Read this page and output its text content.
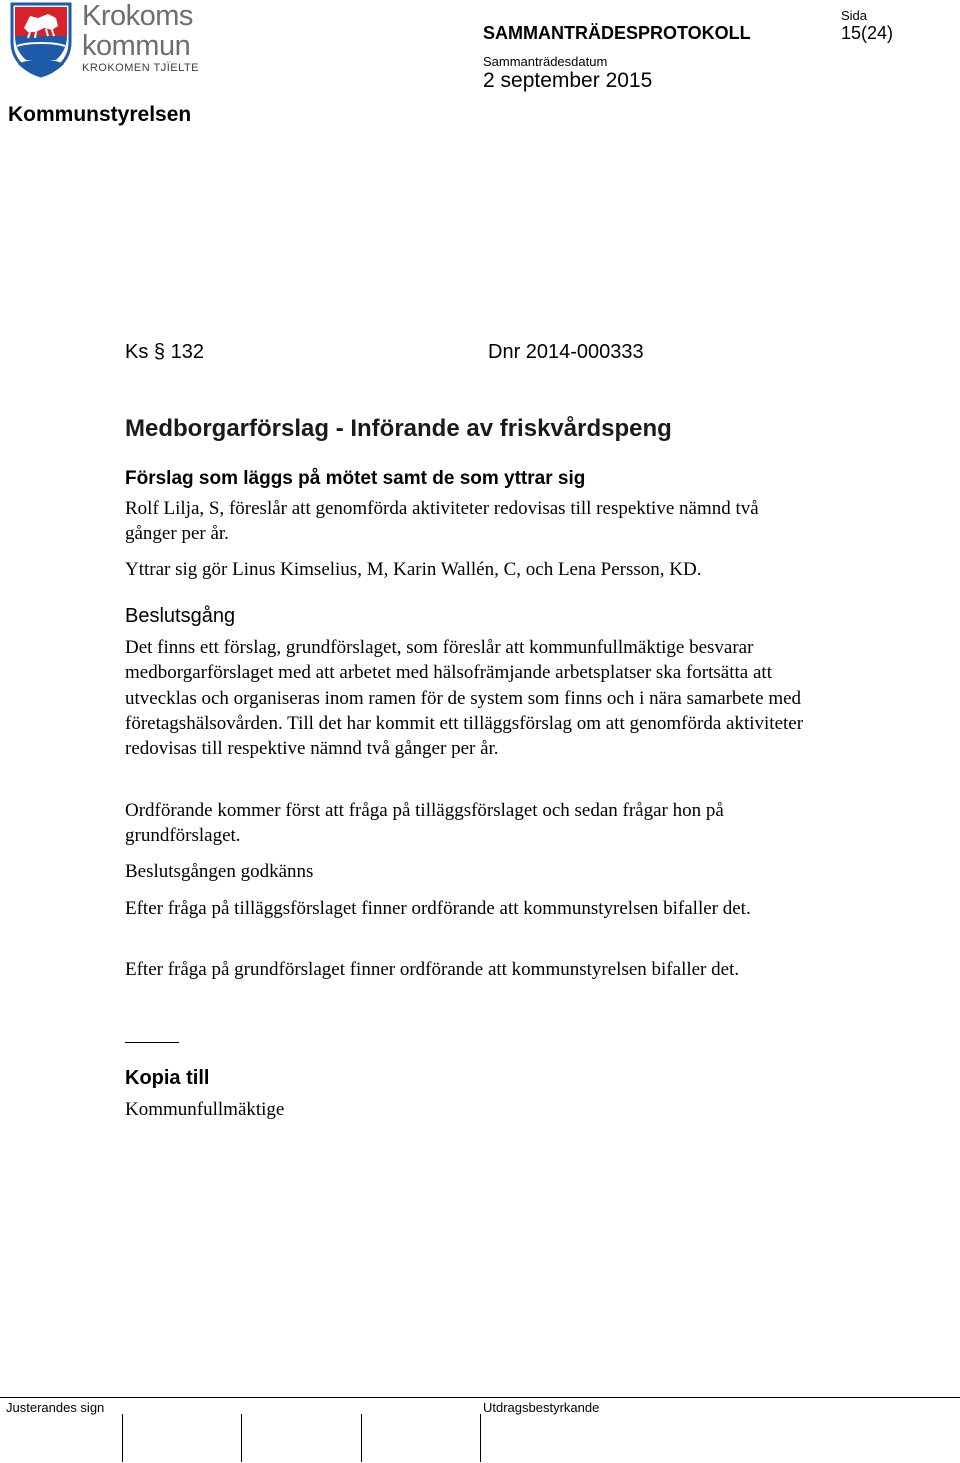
Krokoms
kommun
KROKOMEN TJÏELTE
Kommunstyrelsen
SAMMANTRÄDESPROTOKOLL
Sida
15(24)
Sammanträdesdatum
2 september 2015
Ks § 132	Dnr 2014-000333
Medborgarförslag - Införande av friskvårdspeng
Förslag som läggs på mötet samt de som yttrar sig
Rolf Lilja, S, föreslår att genomförda aktiviteter redovisas till respektive nämnd två gånger per år.
Yttrar sig gör Linus Kimselius, M, Karin Wallén, C, och Lena Persson, KD.
Beslutsgång
Det finns ett förslag, grundförslaget, som föreslår att kommunfullmäktige besvarar medborgarförslaget med att arbetet med hälsofrämjande arbetsplatser ska fortsätta att utvecklas och organiseras inom ramen för de system som finns och i nära samarbete med företagshälsovården. Till det har kommit ett tilläggsförslag om att genomförda aktiviteter redovisas till respektive nämnd två gånger per år.
Ordförande kommer först att fråga på tilläggsförslaget och sedan frågar hon på grundförslaget.
Beslutsgången godkänns
Efter fråga på tilläggsförslaget finner ordförande att kommunstyrelsen bifaller det.
Efter fråga på grundförslaget finner ordförande att kommunstyrelsen bifaller det.
Kopia till
Kommunfullmäktige
Justerandes sign	Utdragsbestyrkande
